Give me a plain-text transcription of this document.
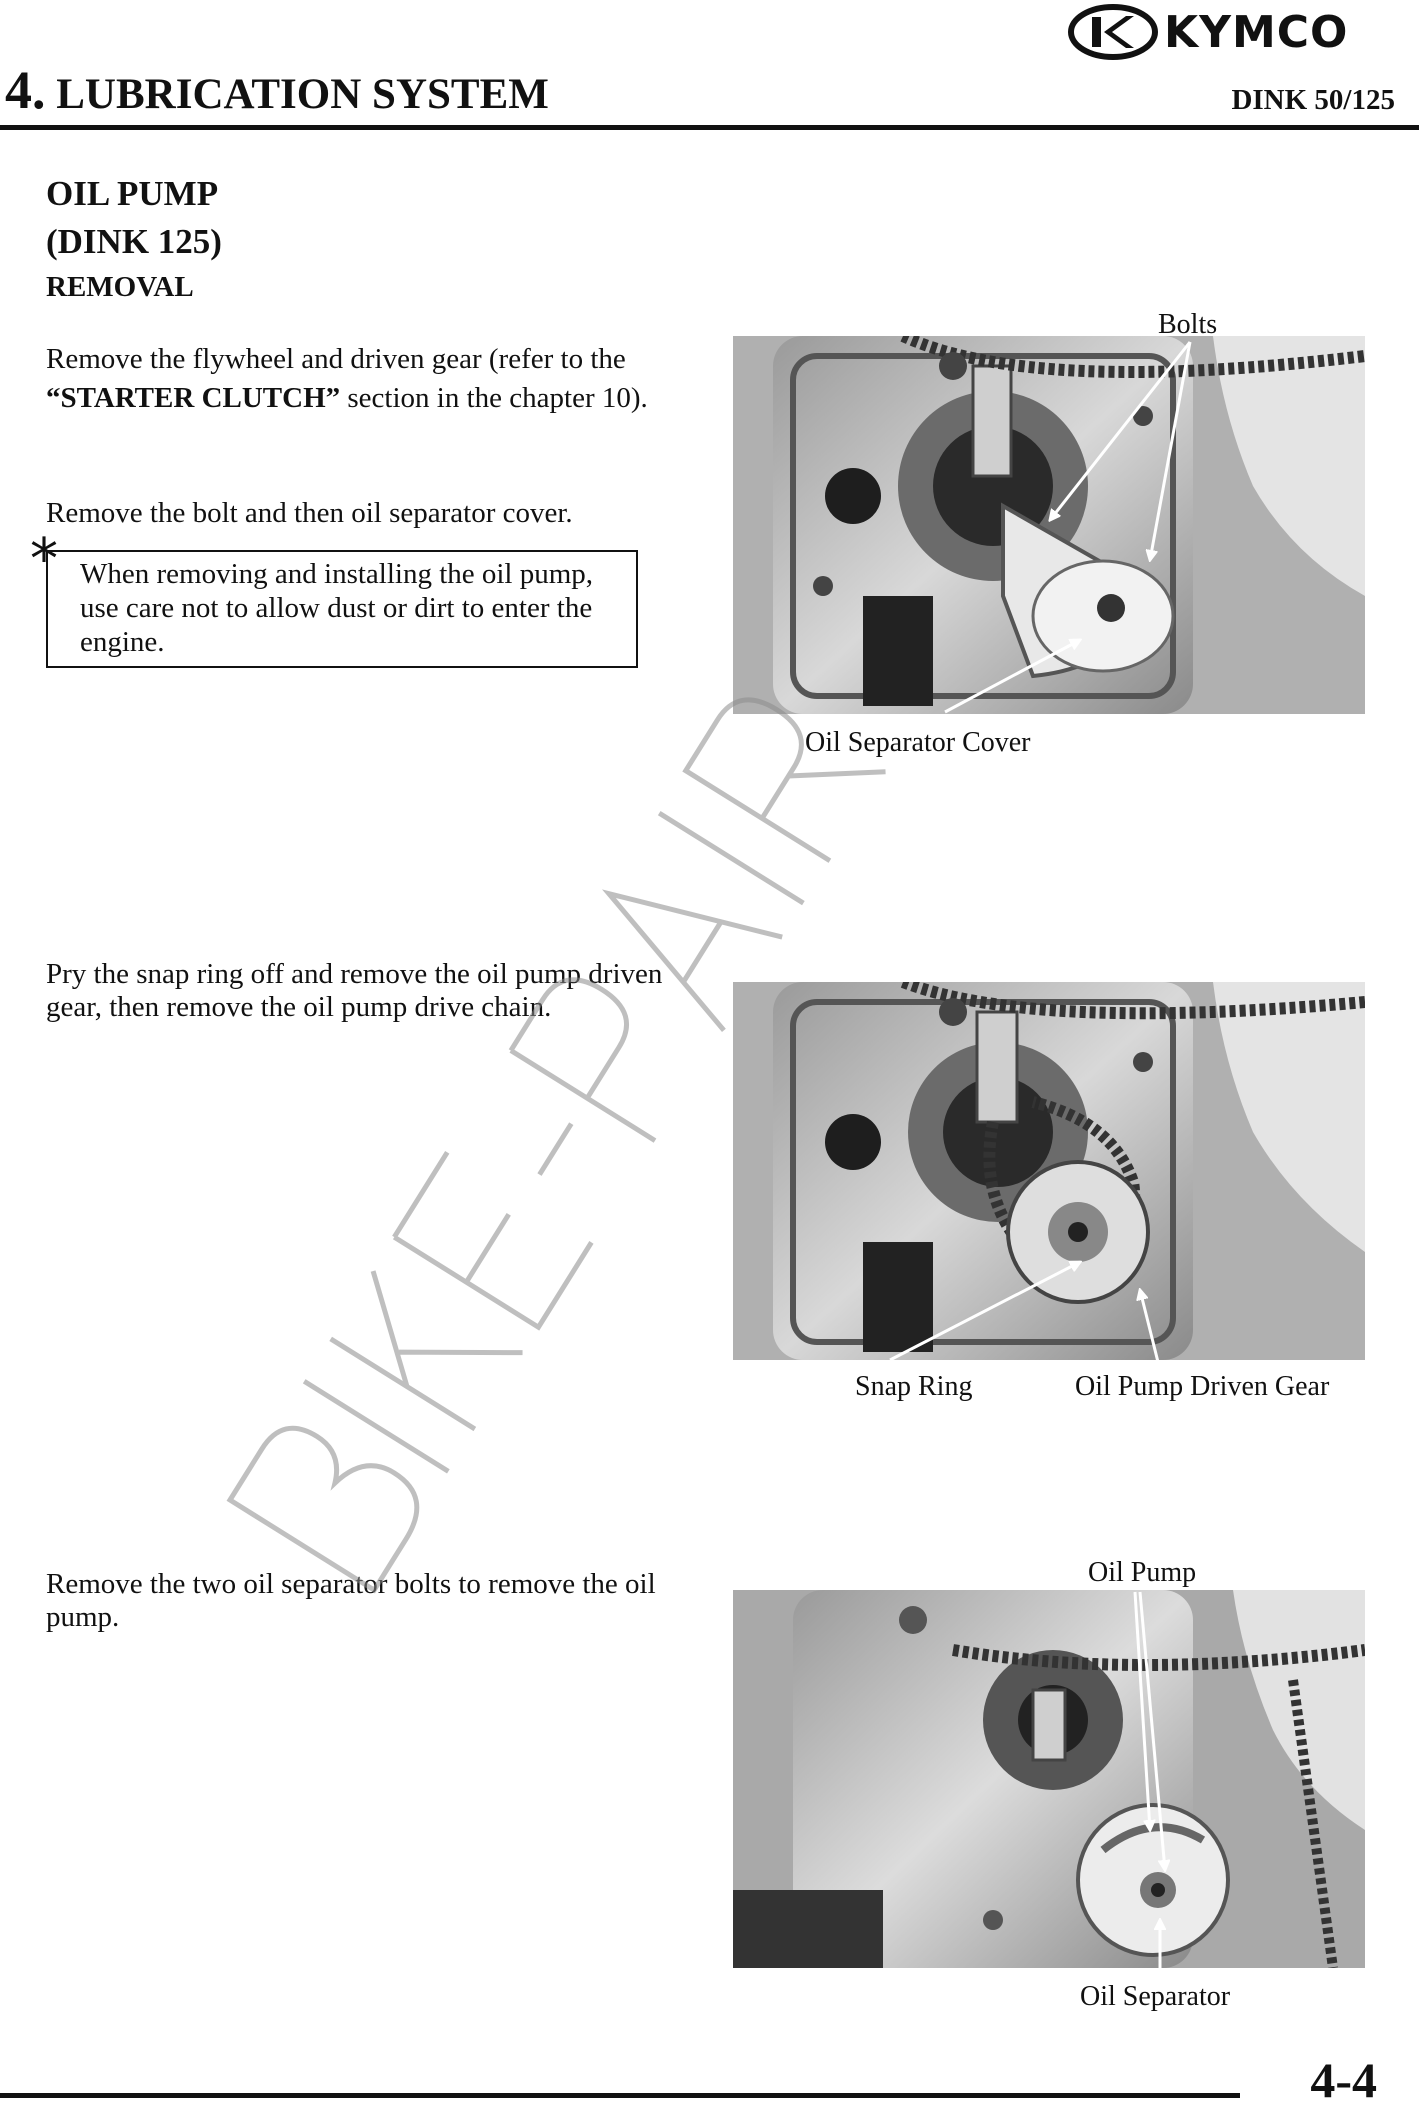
KYMCO
4. LUBRICATION SYSTEM	DINK 50/125
OIL PUMP
(DINK 125)
REMOVAL
Remove the flywheel and driven gear (refer to the “STARTER CLUTCH” section in the chapter 10).
Remove the bolt and then oil separator cover.
* When removing and installing the oil pump, use care not to allow dust or dirt to enter the engine.
Pry the snap ring off and remove the oil pump driven gear, then remove the oil pump drive chain.
Remove the two oil separator bolts to remove the oil pump.
Bolts
Oil Separator Cover
Snap Ring	Oil Pump Driven Gear
Oil Pump
Oil Separator
4-4
